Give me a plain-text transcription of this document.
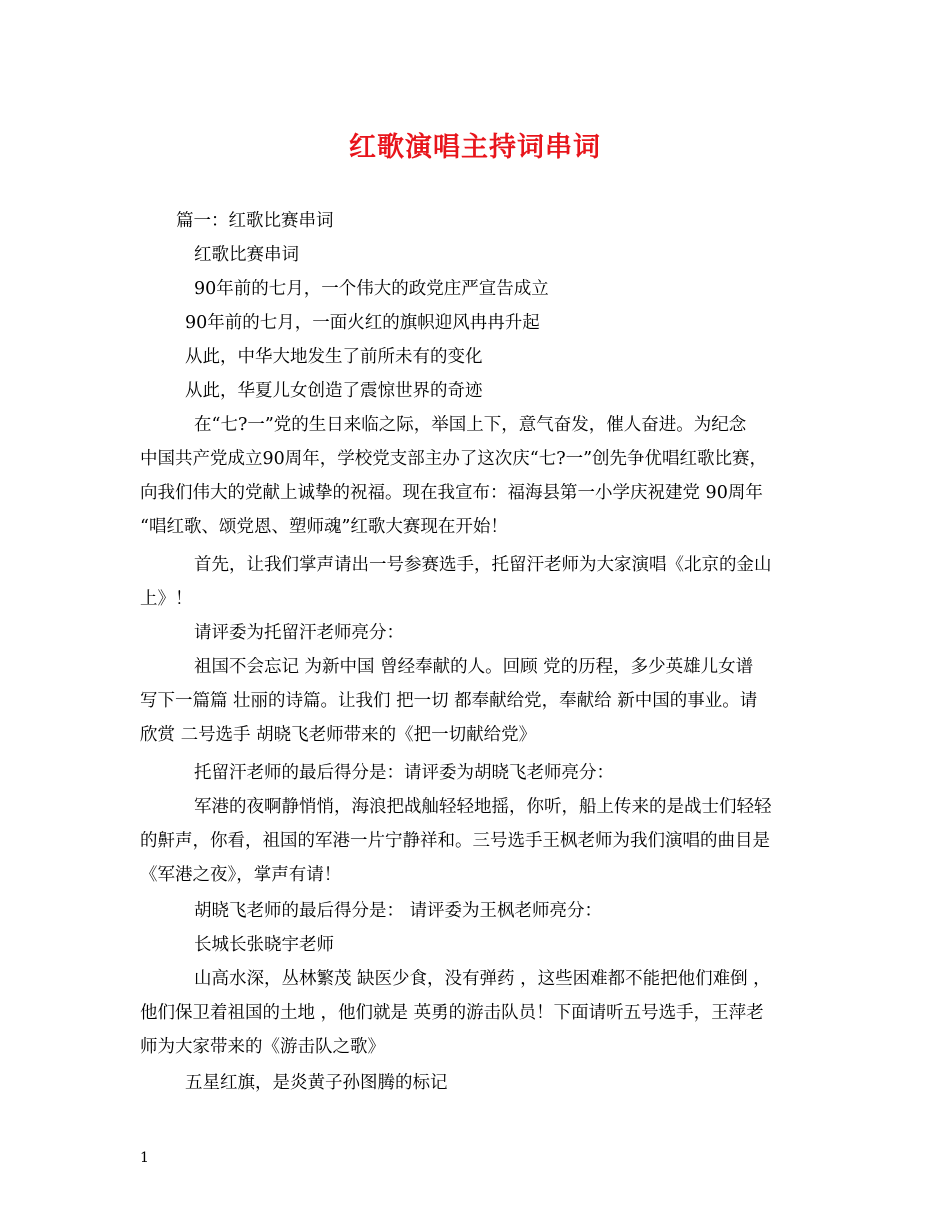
红歌演唱主持词串词

篇一：红歌比赛串词

红歌比赛串词

90年前的七月，一个伟大的政党庄严宣告成立

90年前的七月，一面火红的旗帜迎风冉冉升起

从此，中华大地发生了前所未有的变化

从此，华夏儿女创造了震惊世界的奇迹

在“七?一”党的生日来临之际，举国上下，意气奋发，催人奋进。为纪念

中国共产党成立90周年，学校党支部主办了这次庆“七?一”创先争优唱红歌比赛，

向我们伟大的党献上诚挚的祝福。现在我宣布：福海县第一小学庆祝建党 90周年

“唱红歌、颂党恩、塑师魂”红歌大赛现在开始！

首先，让我们掌声请出一号参赛选手，托留汗老师为大家演唱《北京的金山

上》！

请评委为托留汗老师亮分：

祖国不会忘记 为新中国 曾经奉献的人。回顾 党的历程，多少英雄儿女谱

写下一篇篇 壮丽的诗篇。让我们 把一切 都奉献给党，奉献给 新中国的事业。请

欣赏 二号选手 胡晓飞老师带来的《把一切献给党》

托留汗老师的最后得分是：请评委为胡晓飞老师亮分：

军港的夜啊静悄悄，海浪把战舢轻轻地摇，你听，船上传来的是战士们轻轻

的鼾声，你看，祖国的军港一片宁静祥和。三号选手王枫老师为我们演唱的曲目是

《军港之夜》，掌声有请！

胡晓飞老师的最后得分是： 请评委为王枫老师亮分：

长城长张晓宇老师

山高水深，丛林繁茂 缺医少食，没有弹药 ，这些困难都不能把他们难倒 ，

他们保卫着祖国的土地 ，他们就是 英勇的游击队员！下面请听五号选手，王萍老

师为大家带来的《游击队之歌》

五星红旗，是炎黄子孙图腾的标记

1
